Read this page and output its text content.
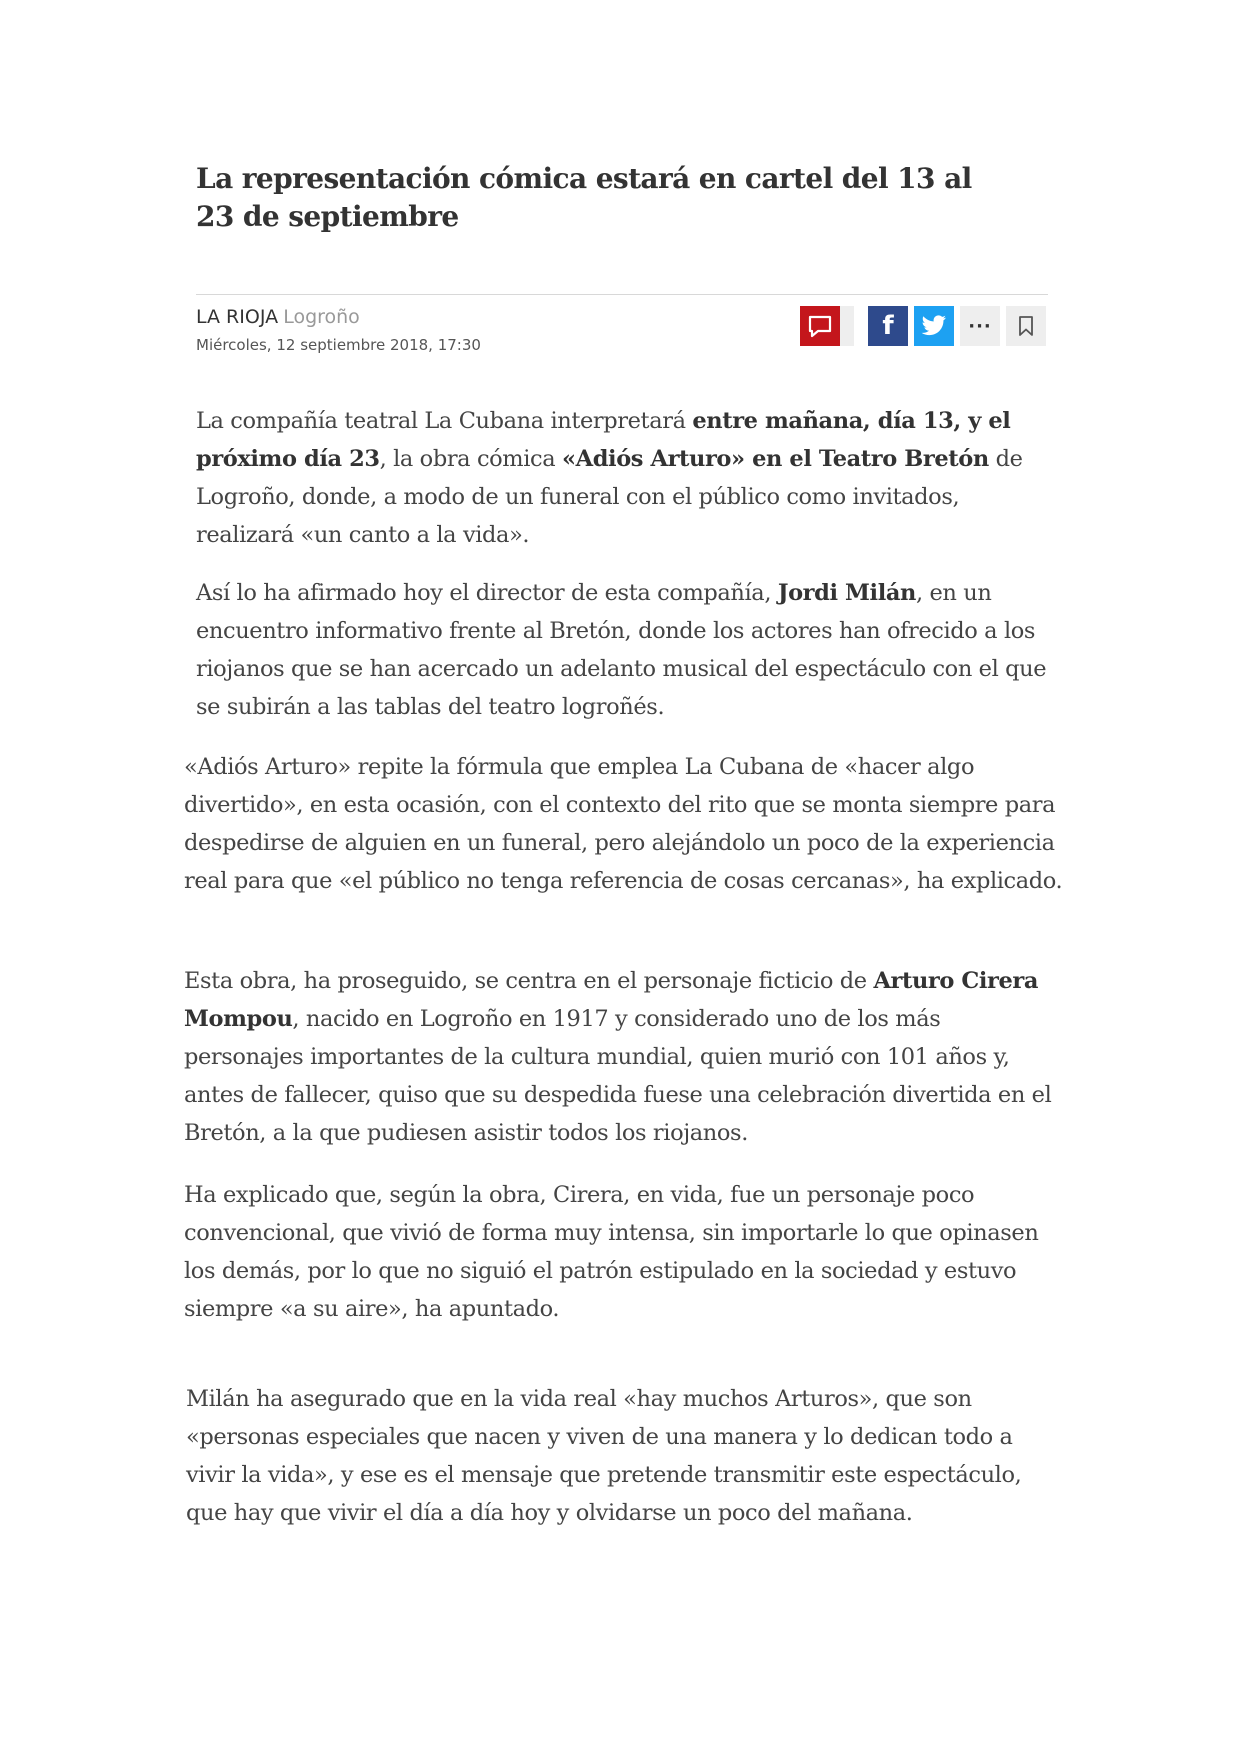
La representación cómica estará en cartel del 13 al 23 de septiembre
LA RIOJA Logroño
Miércoles, 12 septiembre 2018, 17:30
f	···

La compañía teatral La Cubana interpretará entre mañana, día 13, y el próximo día 23, la obra cómica «Adiós Arturo» en el Teatro Bretón de Logroño, donde, a modo de un funeral con el público como invitados, realizará «un canto a la vida».

Así lo ha afirmado hoy el director de esta compañía, Jordi Milán, en un encuentro informativo frente al Bretón, donde los actores han ofrecido a los riojanos que se han acercado un adelanto musical del espectáculo con el que se subirán a las tablas del teatro logroñés.

«Adiós Arturo» repite la fórmula que emplea La Cubana de «hacer algo divertido», en esta ocasión, con el contexto del rito que se monta siempre para despedirse de alguien en un funeral, pero alejándolo un poco de la experiencia real para que «el público no tenga referencia de cosas cercanas», ha explicado.

Esta obra, ha proseguido, se centra en el personaje ficticio de Arturo Cirera Mompou, nacido en Logroño en 1917 y considerado uno de los más personajes importantes de la cultura mundial, quien murió con 101 años y, antes de fallecer, quiso que su despedida fuese una celebración divertida en el Bretón, a la que pudiesen asistir todos los riojanos.

Ha explicado que, según la obra, Cirera, en vida, fue un personaje poco convencional, que vivió de forma muy intensa, sin importarle lo que opinasen los demás, por lo que no siguió el patrón estipulado en la sociedad y estuvo siempre «a su aire», ha apuntado.

Milán ha asegurado que en la vida real «hay muchos Arturos», que son «personas especiales que nacen y viven de una manera y lo dedican todo a vivir la vida», y ese es el mensaje que pretende transmitir este espectáculo, que hay que vivir el día a día hoy y olvidarse un poco del mañana.
